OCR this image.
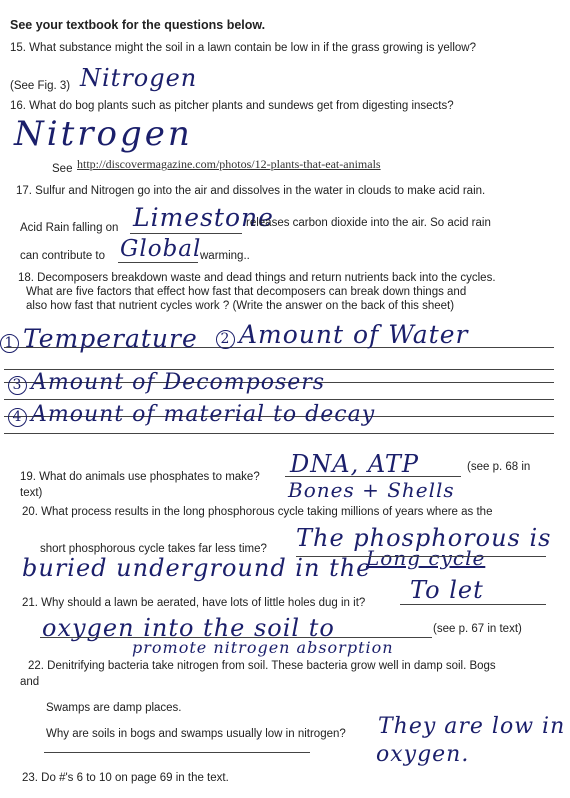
See your textbook for the questions below.
15. What substance might the soil in a lawn contain be low in if the grass growing is yellow?
(See Fig. 3) Nitrogen
16. What do bog plants such as pitcher plants and sundews get from digesting insects?
Nitrogen
See http://discovermagazine.com/photos/12-plants-that-eat-animals
17. Sulfur and Nitrogen go into the air and dissolves in the water in clouds to make acid rain.
Acid Rain falling on Limestone
releases carbon dioxide into the air. So acid rain
can contribute to Global
warming..
18. Decomposers breakdown waste and dead things and return nutrients back into the cycles.
What are five factors that effect how fast that decomposers can break down things and
also how fast that nutrient cycles work ? (Write the answer on the back of this sheet)
1 Temperature	2 Amount of Water
3 Amount of Decomposers
4 Amount of material to decay
19. What do animals use phosphates to make? DNA, ATP	(see p. 68 in
text)	Bones + Shells
20. What process results in the long phosphorous cycle taking millions of years where as the
short phosphorous cycle takes far less time? The phosphorous is
buried underground in the
Long cycle
21. Why should a lawn be aerated, have lots of little holes dug in it? To let
oxygen into the soil to	(see p. 67 in text)
promote nitrogen absorption
22. Denitrifying bacteria take nitrogen from soil. These bacteria grow well in damp soil. Bogs
and
Swamps are damp places.
Why are soils in bogs and swamps usually low in nitrogen? They are low in
oxygen.
23. Do #'s 6 to 10 on page 69 in the text.
